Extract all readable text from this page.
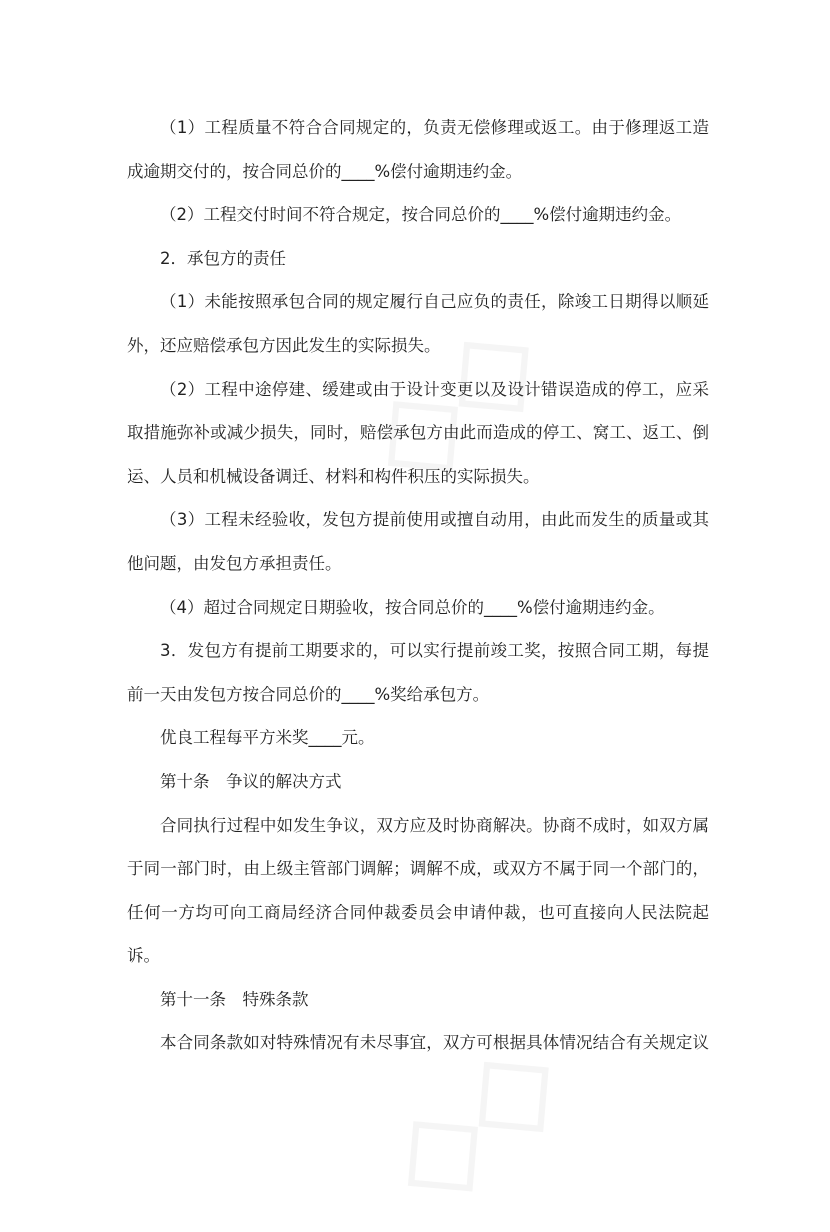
（1）工程质量不符合合同规定的，负责无偿修理或返工。由于修理返工造
成逾期交付的，按合同总价的____%偿付逾期违约金。
（2）工程交付时间不符合规定，按合同总价的____%偿付逾期违约金。
2．承包方的责任
（1）未能按照承包合同的规定履行自己应负的责任，除竣工日期得以顺延
外，还应赔偿承包方因此发生的实际损失。
（2）工程中途停建、缓建或由于设计变更以及设计错误造成的停工，应采
取措施弥补或减少损失，同时，赔偿承包方由此而造成的停工、窝工、返工、倒
运、人员和机械设备调迁、材料和构件积压的实际损失。
（3）工程未经验收，发包方提前使用或擅自动用，由此而发生的质量或其
他问题，由发包方承担责任。
（4）超过合同规定日期验收，按合同总价的____%偿付逾期违约金。
3．发包方有提前工期要求的，可以实行提前竣工奖，按照合同工期，每提
前一天由发包方按合同总价的____%奖给承包方。
优良工程每平方米奖____元。
第十条　争议的解决方式
合同执行过程中如发生争议，双方应及时协商解决。协商不成时，如双方属
于同一部门时，由上级主管部门调解；调解不成，或双方不属于同一个部门的，
任何一方均可向工商局经济合同仲裁委员会申请仲裁，也可直接向人民法院起
诉。
第十一条　特殊条款
本合同条款如对特殊情况有未尽事宜，双方可根据具体情况结合有关规定议
